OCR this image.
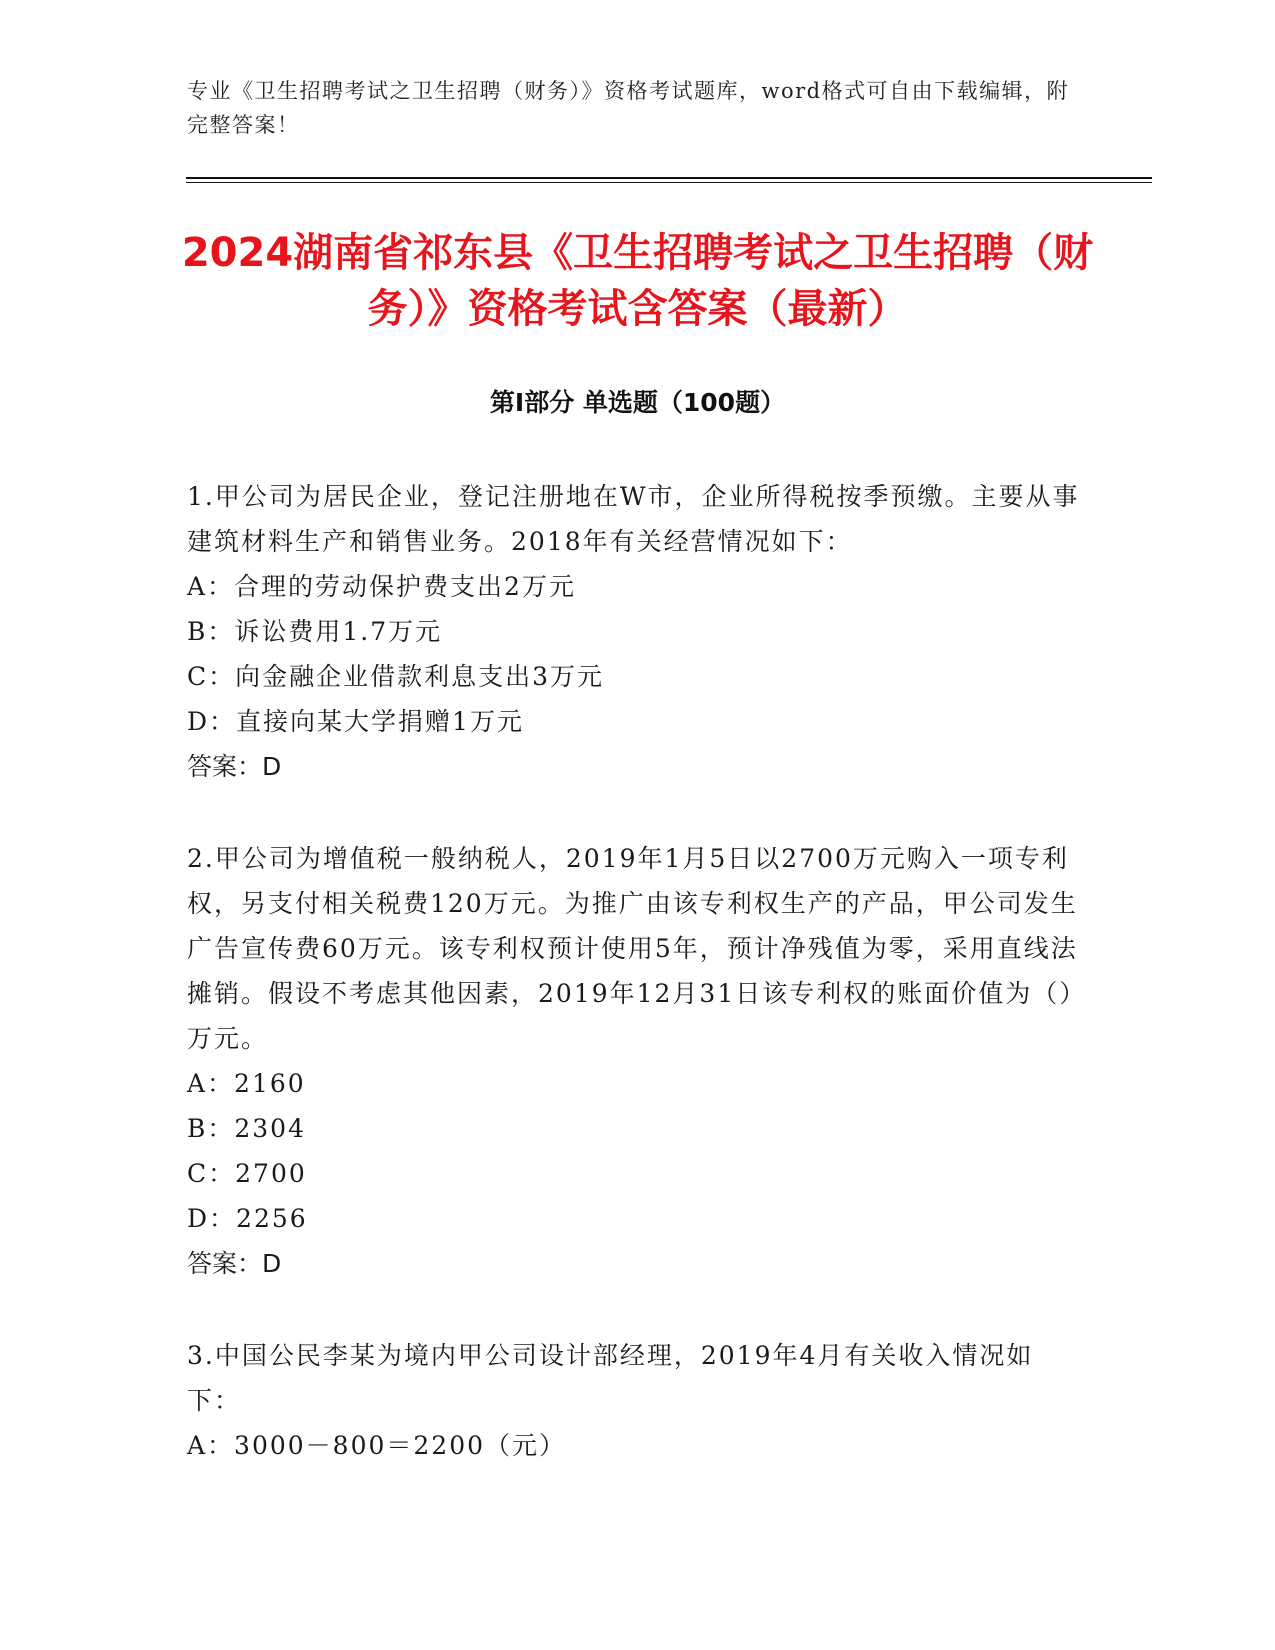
专业《卫生招聘考试之卫生招聘（财务）》资格考试题库，word格式可自由下载编辑，附完整答案！
2024湖南省祁东县《卫生招聘考试之卫生招聘（财务）》资格考试含答案（最新）
第I部分 单选题（100题）

1.甲公司为居民企业，登记注册地在W市，企业所得税按季预缴。主要从事建筑材料生产和销售业务。2018年有关经营情况如下：

A：合理的劳动保护费支出2万元

B：诉讼费用1.7万元

C：向金融企业借款利息支出3万元

D：直接向某大学捐赠1万元

答案：D

2.甲公司为增值税一般纳税人，2019年1月5日以2700万元购入一项专利权，另支付相关税费120万元。为推广由该专利权生产的产品，甲公司发生广告宣传费60万元。该专利权预计使用5年，预计净残值为零，采用直线法摊销。假设不考虑其他因素，2019年12月31日该专利权的账面价值为（）万元。

A：2160

B：2304

C：2700

D：2256

答案：D

3.中国公民李某为境内甲公司设计部经理，2019年4月有关收入情况如下：

A：3000－800＝2200（元）
